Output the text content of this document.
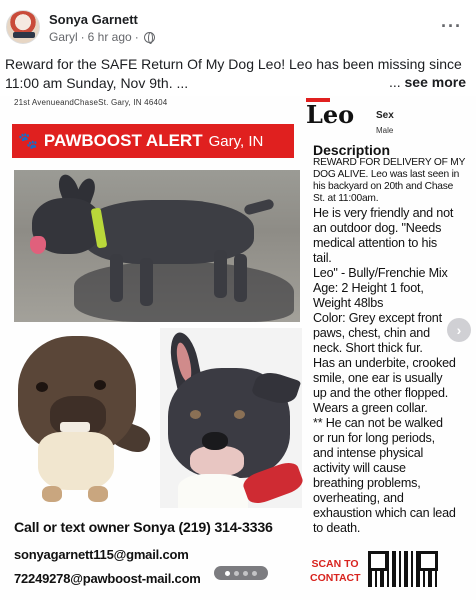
Sonya Garnett
Garyl · 6 hr ago ·
···
Reward for the SAFE Return Of My Dog Leo! Leo has been missing since 11:00 am Sunday, Nov 9th. ...	... see more
21st AvenueandChaseSt. Gary, IN 46404
🐾 PAWBOOST ALERT Gary, IN
Leo Sex
Male
Description
REWARD FOR DELIVERY OF MY
DOG ALIVE. Leo was last seen in
his backyard on 20th and Chase
St. at 11:00am.
He is very friendly and not
an outdoor dog. "Needs
medical attention to his
tail.
Leo" - Bully/Frenchie Mix
Age: 2 Height 1 foot,
Weight 48lbs
Color: Grey except front
paws, chest, chin and
neck. Short thick fur.
Has an underbite, crooked
smile, one ear is usually
up and the other flopped.
Wears a green collar.
** He can not be walked
or run for long periods,
and intense physical
activity will cause
breathing problems,
overheating, and
exhaustion which can lead
to death.
Call or text owner Sonya (219) 314-3336
sonyagarnett115@gmail.com
72249278@pawboost-mail.com
SCAN TO
CONTACT
›
